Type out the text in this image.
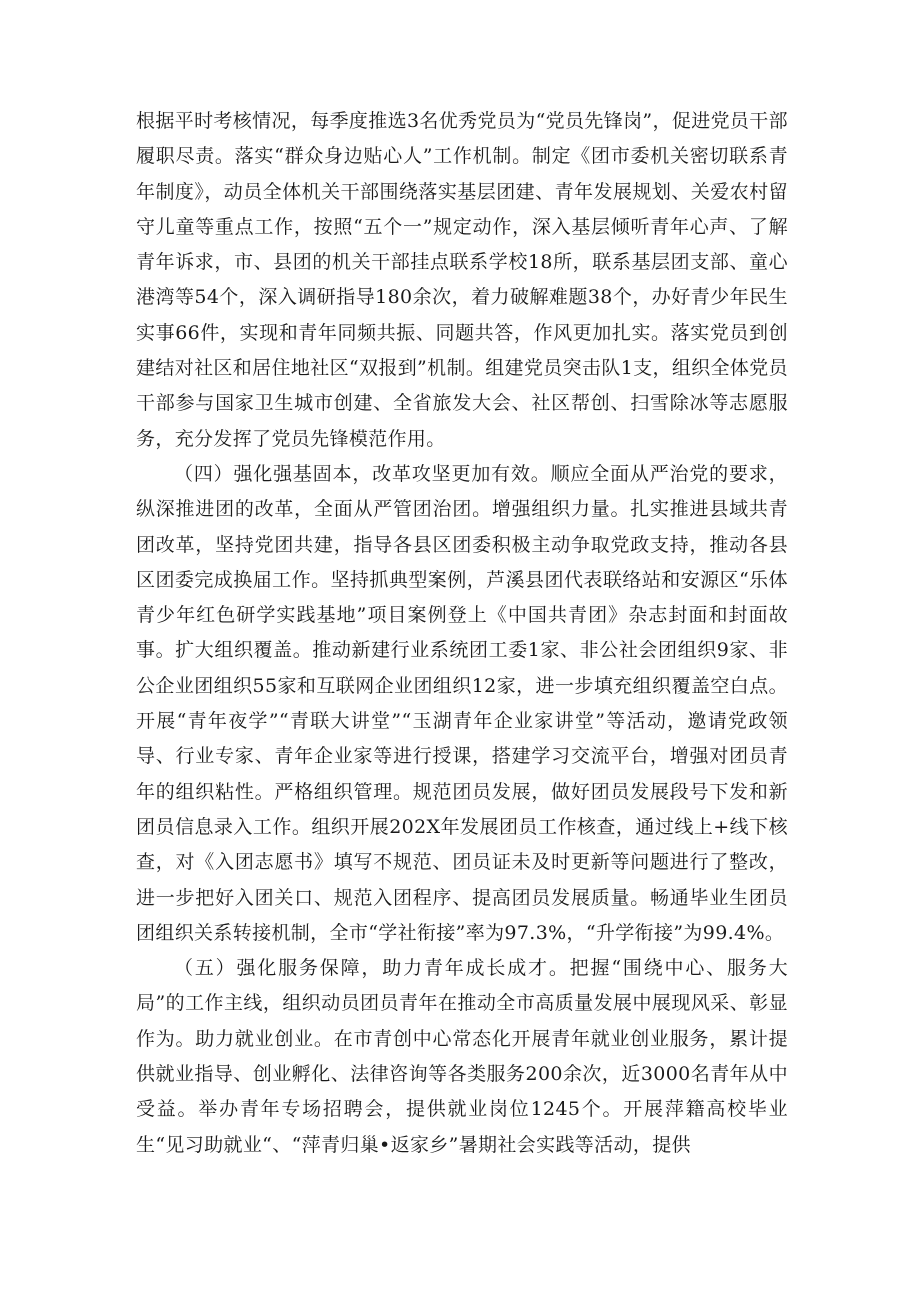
根据平时考核情况，每季度推选3名优秀党员为“党员先锋岗”，促进党员干部履职尽责。落实“群众身边贴心人”工作机制。制定《团市委机关密切联系青年制度》，动员全体机关干部围绕落实基层团建、青年发展规划、关爱农村留守儿童等重点工作，按照“五个一”规定动作，深入基层倾听青年心声、了解青年诉求，市、县团的机关干部挂点联系学校18所，联系基层团支部、童心港湾等54个，深入调研指导180余次，着力破解难题38个，办好青少年民生实事66件，实现和青年同频共振、同题共答，作风更加扎实。落实党员到创建结对社区和居住地社区“双报到”机制。组建党员突击队1支，组织全体党员干部参与国家卫生城市创建、全省旅发大会、社区帮创、扫雪除冰等志愿服务，充分发挥了党员先锋模范作用。

（四）强化强基固本，改革攻坚更加有效。顺应全面从严治党的要求，纵深推进团的改革，全面从严管团治团。增强组织力量。扎实推进县域共青团改革，坚持党团共建，指导各县区团委积极主动争取党政支持，推动各县区团委完成换届工作。坚持抓典型案例，芦溪县团代表联络站和安源区“乐体青少年红色研学实践基地”项目案例登上《中国共青团》杂志封面和封面故事。扩大组织覆盖。推动新建行业系统团工委1家、非公社会团组织9家、非公企业团组织55家和互联网企业团组织12家，进一步填充组织覆盖空白点。开展“青年夜学”“青联大讲堂”“玉湖青年企业家讲堂”等活动，邀请党政领导、行业专家、青年企业家等进行授课，搭建学习交流平台，增强对团员青年的组织粘性。严格组织管理。规范团员发展，做好团员发展段号下发和新团员信息录入工作。组织开展202X年发展团员工作核查，通过线上+线下核查，对《入团志愿书》填写不规范、团员证未及时更新等问题进行了整改，进一步把好入团关口、规范入团程序、提高团员发展质量。畅通毕业生团员团组织关系转接机制，全市“学社衔接”率为97.3%，“升学衔接”为99.4%。

（五）强化服务保障，助力青年成长成才。把握“围绕中心、服务大局”的工作主线，组织动员团员青年在推动全市高质量发展中展现风采、彰显作为。助力就业创业。在市青创中心常态化开展青年就业创业服务，累计提供就业指导、创业孵化、法律咨询等各类服务200余次，近3000名青年从中受益。举办青年专场招聘会，提供就业岗位1245个。开展萍籍高校毕业生“见习助就业“、“萍青归巢•返家乡”暑期社会实践等活动，提供
